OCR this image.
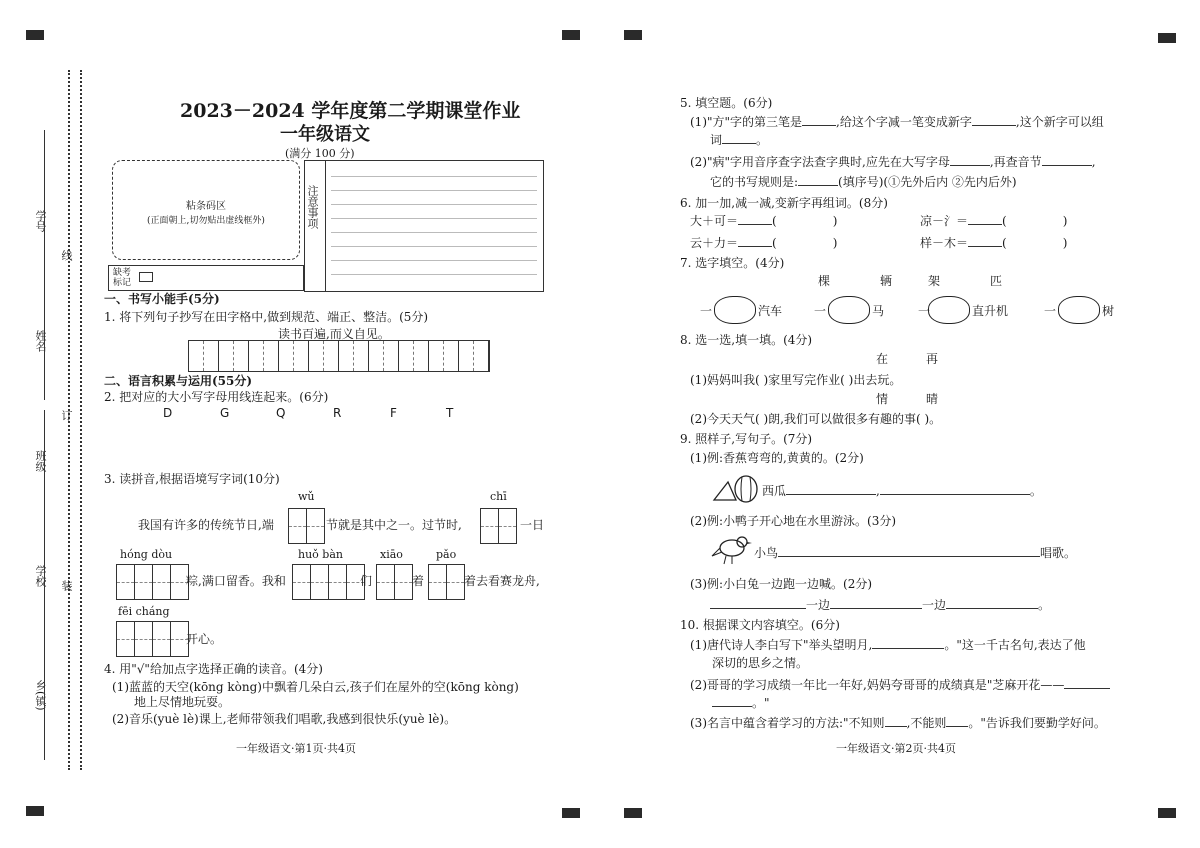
学号
姓名
班级
学校
乡(镇)
线
订
装
2023－2024 学年度第二学期课堂作业
一年级语文
(满分 100 分)
粘条码区
(正面朝上,切勿贴出虚线框外)
缺考标记
注意事项
一、书写小能手(5分)
1. 将下列句子抄写在田字格中,做到规范、端正、整洁。(5分)
读书百遍,而义自见。
二、语言积累与运用(55分)
2. 把对应的大小写字母用线连起来。(6分)
D	G	Q	R	F	T
3. 读拼音,根据语境写字词(10分)
wǔ	chī
我国有许多的传统节日,端	节就是其中之一。过节时,	一日
hóng dòu	huǒ bàn	xiāo	pǎo
粽,满口留香。我和	们	着	着去看赛龙舟,
fēi cháng
开心。
4. 用"√"给加点字选择正确的读音。(4分)
(1)蓝蓝的天空(kōng kòng)中飘着几朵白云,孩子们在屋外的空(kōng kòng)
地上尽情地玩耍。
(2)音乐(yuè lè)课上,老师带领我们唱歌,我感到很快乐(yuè lè)。
一年级语文·第1页·共4页
5. 填空题。(6分)
(1)"方"字的第三笔是	,给这个字减一笔变成新字	,这个新字可以组
词	。
(2)"病"字用音序查字法查字典时,应先在大写字母	,再查音节	,
它的书写规则是:	(填序号)(①先外后内 ②先内后外)
6. 加一加,减一减,变新字再组词。(8分)
大＋可＝	(	)	凉－氵＝	(	)
云＋力＝	(	)	样－木＝	(	)
7. 选字填空。(4分)
棵	辆	架	匹
一	汽车	一	马	一	直升机	一	树
8. 选一选,填一填。(4分)
在	再
(1)妈妈叫我( )家里写完作业( )出去玩。
情	晴
(2)今天天气( )朗,我们可以做很多有趣的事( )。
9. 照样子,写句子。(7分)
(1)例:香蕉弯弯的,黄黄的。(2分)
西瓜	,	。
(2)例:小鸭子开心地在水里游泳。(3分)
小鸟	唱歌。
(3)例:小白兔一边跑一边喊。(2分)
一边	一边	。
10. 根据课文内容填空。(6分)
(1)唐代诗人李白写下"举头望明月,	。"这一千古名句,表达了他
深切的思乡之情。
(2)哥哥的学习成绩一年比一年好,妈妈夸哥哥的成绩真是"芝麻开花——
。"
(3)名言中蕴含着学习的方法:"不知则 ,不能则 。"告诉我们要勤学好问。
一年级语文·第2页·共4页
